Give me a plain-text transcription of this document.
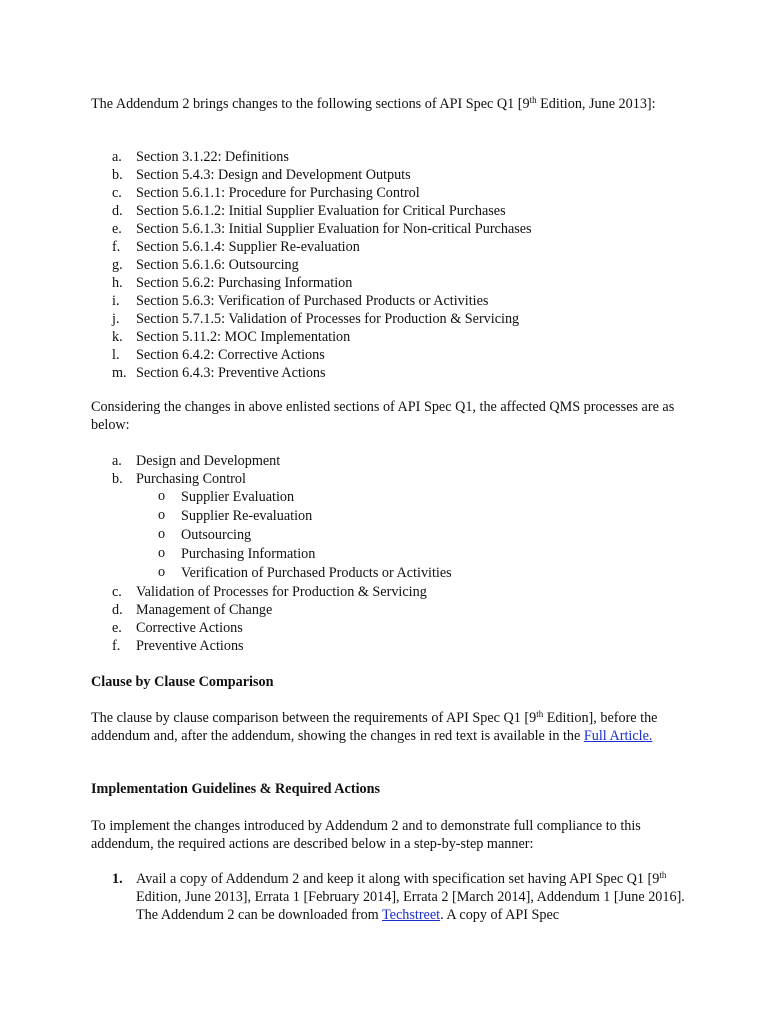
The Addendum 2 brings changes to the following sections of API Spec Q1 [9th Edition, June 2013]:

a. Section 3.1.22: Definitions
b. Section 5.4.3: Design and Development Outputs
c. Section 5.6.1.1: Procedure for Purchasing Control
d. Section 5.6.1.2: Initial Supplier Evaluation for Critical Purchases
e. Section 5.6.1.3: Initial Supplier Evaluation for Non-critical Purchases
f. Section 5.6.1.4: Supplier Re-evaluation
g. Section 5.6.1.6: Outsourcing
h. Section 5.6.2: Purchasing Information
i. Section 5.6.3: Verification of Purchased Products or Activities
j. Section 5.7.1.5: Validation of Processes for Production & Servicing
k. Section 5.11.2: MOC Implementation
l. Section 6.4.2: Corrective Actions
m. Section 6.4.3: Preventive Actions

Considering the changes in above enlisted sections of API Spec Q1, the affected QMS processes are as below:

a. Design and Development
b. Purchasing Control
o Supplier Evaluation
o Supplier Re-evaluation
o Outsourcing
o Purchasing Information
o Verification of Purchased Products or Activities
c. Validation of Processes for Production & Servicing
d. Management of Change
e. Corrective Actions
f. Preventive Actions

Clause by Clause Comparison

The clause by clause comparison between the requirements of API Spec Q1 [9th Edition], before the addendum and, after the addendum, showing the changes in red text is available in the Full Article.

Implementation Guidelines & Required Actions

To implement the changes introduced by Addendum 2 and to demonstrate full compliance to this addendum, the required actions are described below in a step-by-step manner:

1. Avail a copy of Addendum 2 and keep it along with specification set having API Spec Q1 [9th Edition, June 2013], Errata 1 [February 2014], Errata 2 [March 2014], Addendum 1 [June 2016]. The Addendum 2 can be downloaded from Techstreet. A copy of API Spec
